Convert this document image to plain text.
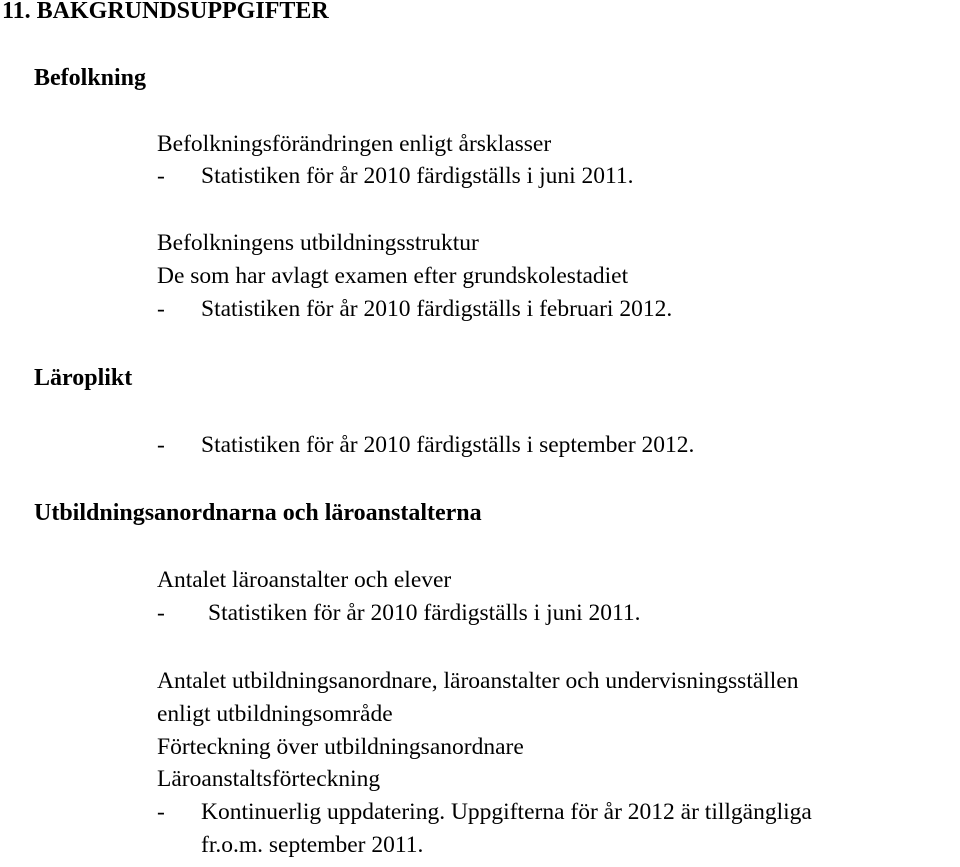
11. BAKGRUNDSUPPGIFTER
Befolkning

Befolkningsförändringen enligt årsklasser

- Statistiken för år 2010 färdigställs i juni 2011.

Befolkningens utbildningsstruktur

De som har avlagt examen efter grundskolestadiet

- Statistiken för år 2010 färdigställs i februari 2012.

Läroplikt

- Statistiken för år 2010 färdigställs i september 2012.

Utbildningsanordnarna och läroanstalterna

Antalet läroanstalter och elever

- Statistiken för år 2010 färdigställs i juni 2011.

Antalet utbildningsanordnare, läroanstalter och undervisningsställen

enligt utbildningsområde

Förteckning över utbildningsanordnare

Läroanstaltsförteckning

- Kontinuerlig uppdatering. Uppgifterna för år 2012 är tillgängliga

fr.o.m. september 2011.
